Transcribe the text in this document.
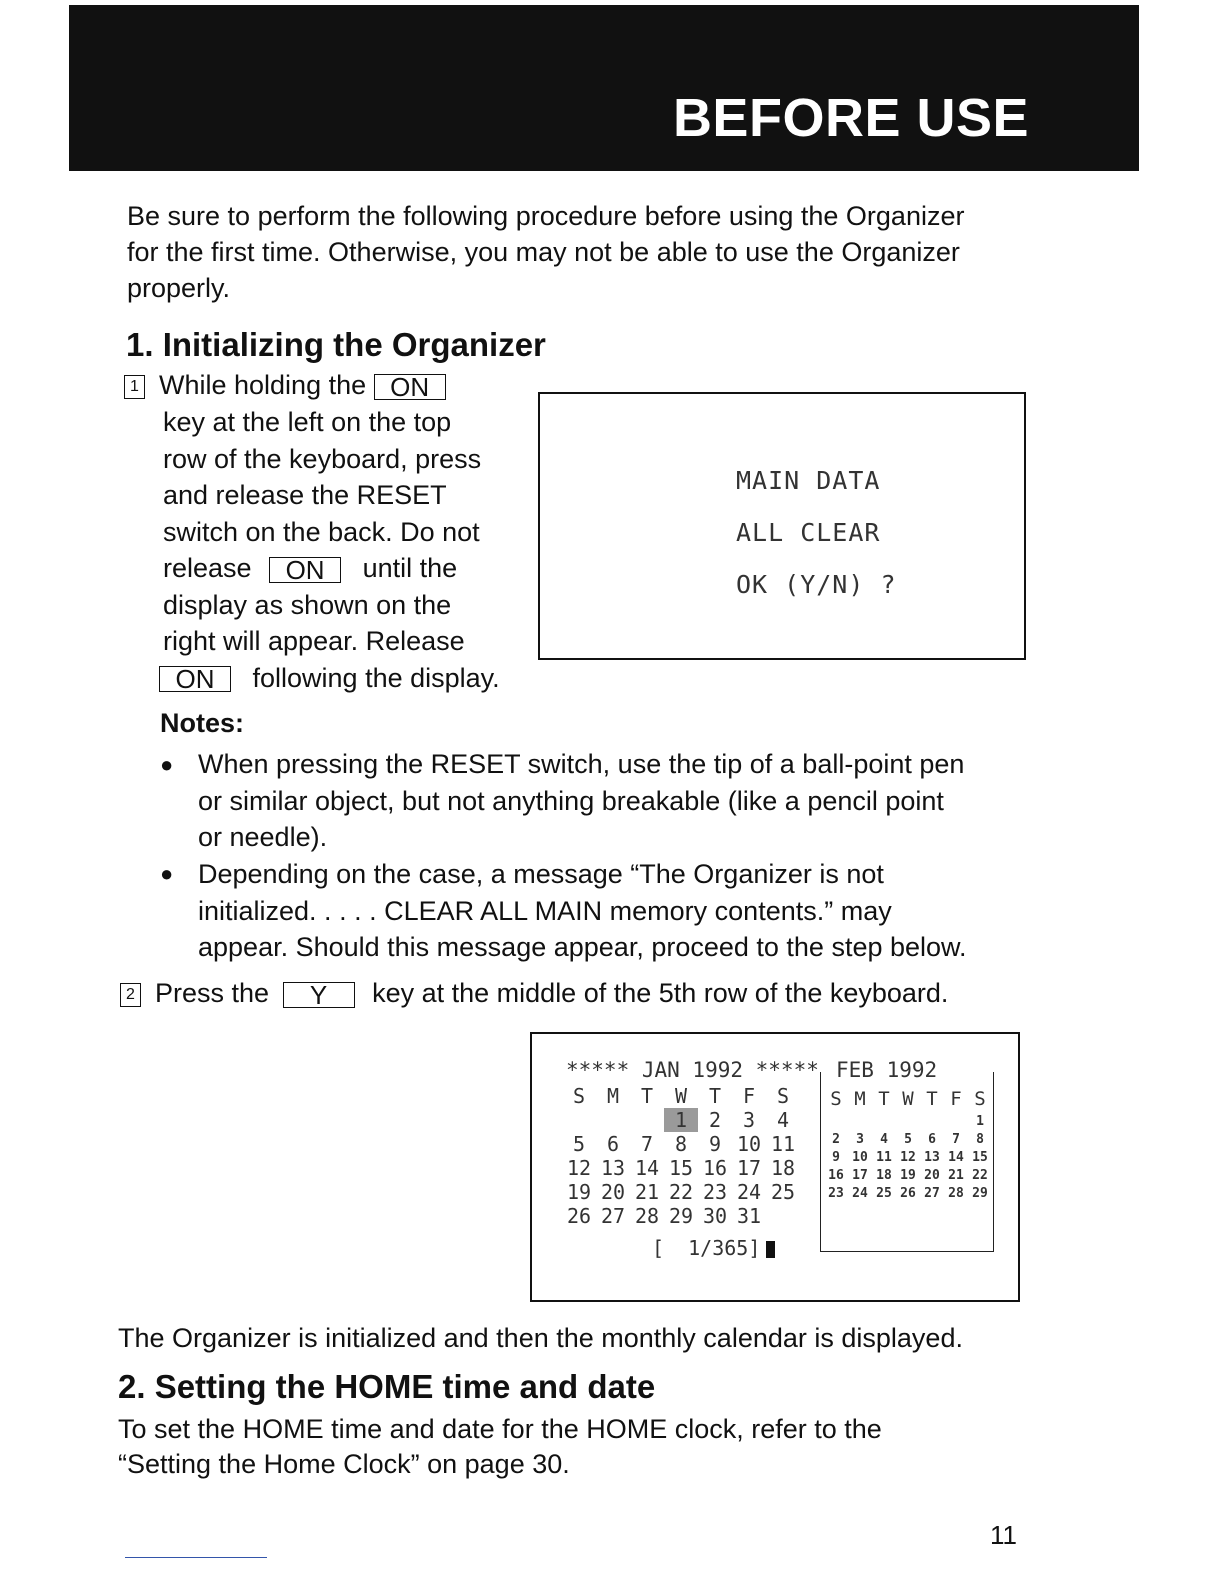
BEFORE USE
Be sure to perform the following procedure before using the Organizer
for the first time. Otherwise, you may not be able to use the Organizer
properly.
1. Initializing the Organizer
1 While holding the ON
key at the left on the top
row of the keyboard, press
and release the RESET
switch on the back. Do not
release ON until the
display as shown on the
right will appear. Release
ON following the display.
MAIN DATA
ALL CLEAR
OK (Y/N) ?
Notes:
● When pressing the RESET switch, use the tip of a ball-point pen
or similar object, but not anything breakable (like a pencil point
or needle).
● Depending on the case, a message “The Organizer is not
initialized. . . . . CLEAR ALL MAIN memory contents.” may
appear. Should this message appear, proceed to the step below.
2 Press the Y key at the middle of the 5th row of the keyboard.
***** JAN 1992 *****
S	M	T	W	T	F	S
			1	2	3	4
5	6	7	8	9	10	11
12	13	14	15	16	17	18
19	20	21	22	23	24	25
26	27	28	29	30	31	
[  1/365]
FEB 1992
S	M	T	W	T	F	S
						1
2	3	4	5	6	7	8
9	10	11	12	13	14	15
16	17	18	19	20	21	22
23	24	25	26	27	28	29
The Organizer is initialized and then the monthly calendar is displayed.
2. Setting the HOME time and date
To set the HOME time and date for the HOME clock, refer to the
“Setting the Home Clock” on page 30.
11
